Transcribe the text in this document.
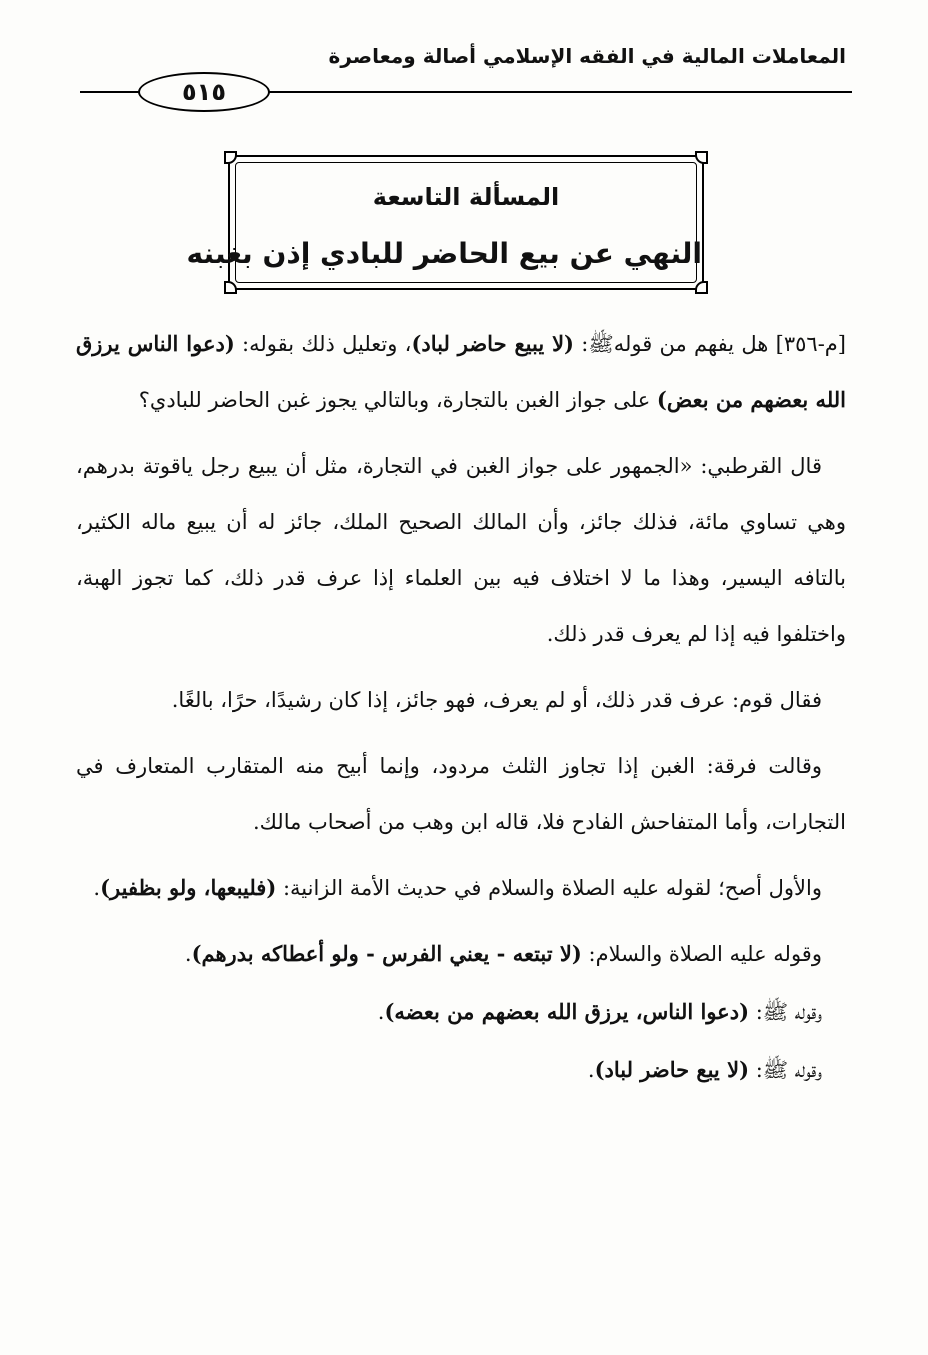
المعاملات المالية في الفقه الإسلامي أصالة ومعاصرة
٥١٥
المسألة التاسعة
النهي عن بيع الحاضر للبادي إذن بغبنه

[م-٣٥٦] هل يفهم من قولهﷺ: (لا يبيع حاضر لباد)، وتعليل ذلك بقوله: (دعوا الناس يرزق الله بعضهم من بعض) على جواز الغبن بالتجارة، وبالتالي يجوز غبن الحاضر للبادي؟

قال القرطبي: «الجمهور على جواز الغبن في التجارة، مثل أن يبيع رجل ياقوتة بدرهم، وهي تساوي مائة، فذلك جائز، وأن المالك الصحيح الملك، جائز له أن يبيع ماله الكثير، بالتافه اليسير، وهذا ما لا اختلاف فيه بين العلماء إذا عرف قدر ذلك، كما تجوز الهبة، واختلفوا فيه إذا لم يعرف قدر ذلك.

فقال قوم: عرف قدر ذلك، أو لم يعرف، فهو جائز، إذا كان رشيدًا، حرًا، بالغًا.

وقالت فرقة: الغبن إذا تجاوز الثلث مردود، وإنما أبيح منه المتقارب المتعارف في التجارات، وأما المتفاحش الفادح فلا، قاله ابن وهب من أصحاب مالك.

والأول أصح؛ لقوله عليه الصلاة والسلام في حديث الأمة الزانية: (فليبعها، ولو بظفير).

وقوله عليه الصلاة والسلام: (لا تبتعه - يعني الفرس - ولو أعطاكه بدرهم).

وقوله ﷺ: (دعوا الناس، يرزق الله بعضهم من بعضه).

وقوله ﷺ: (لا يبع حاضر لباد).
